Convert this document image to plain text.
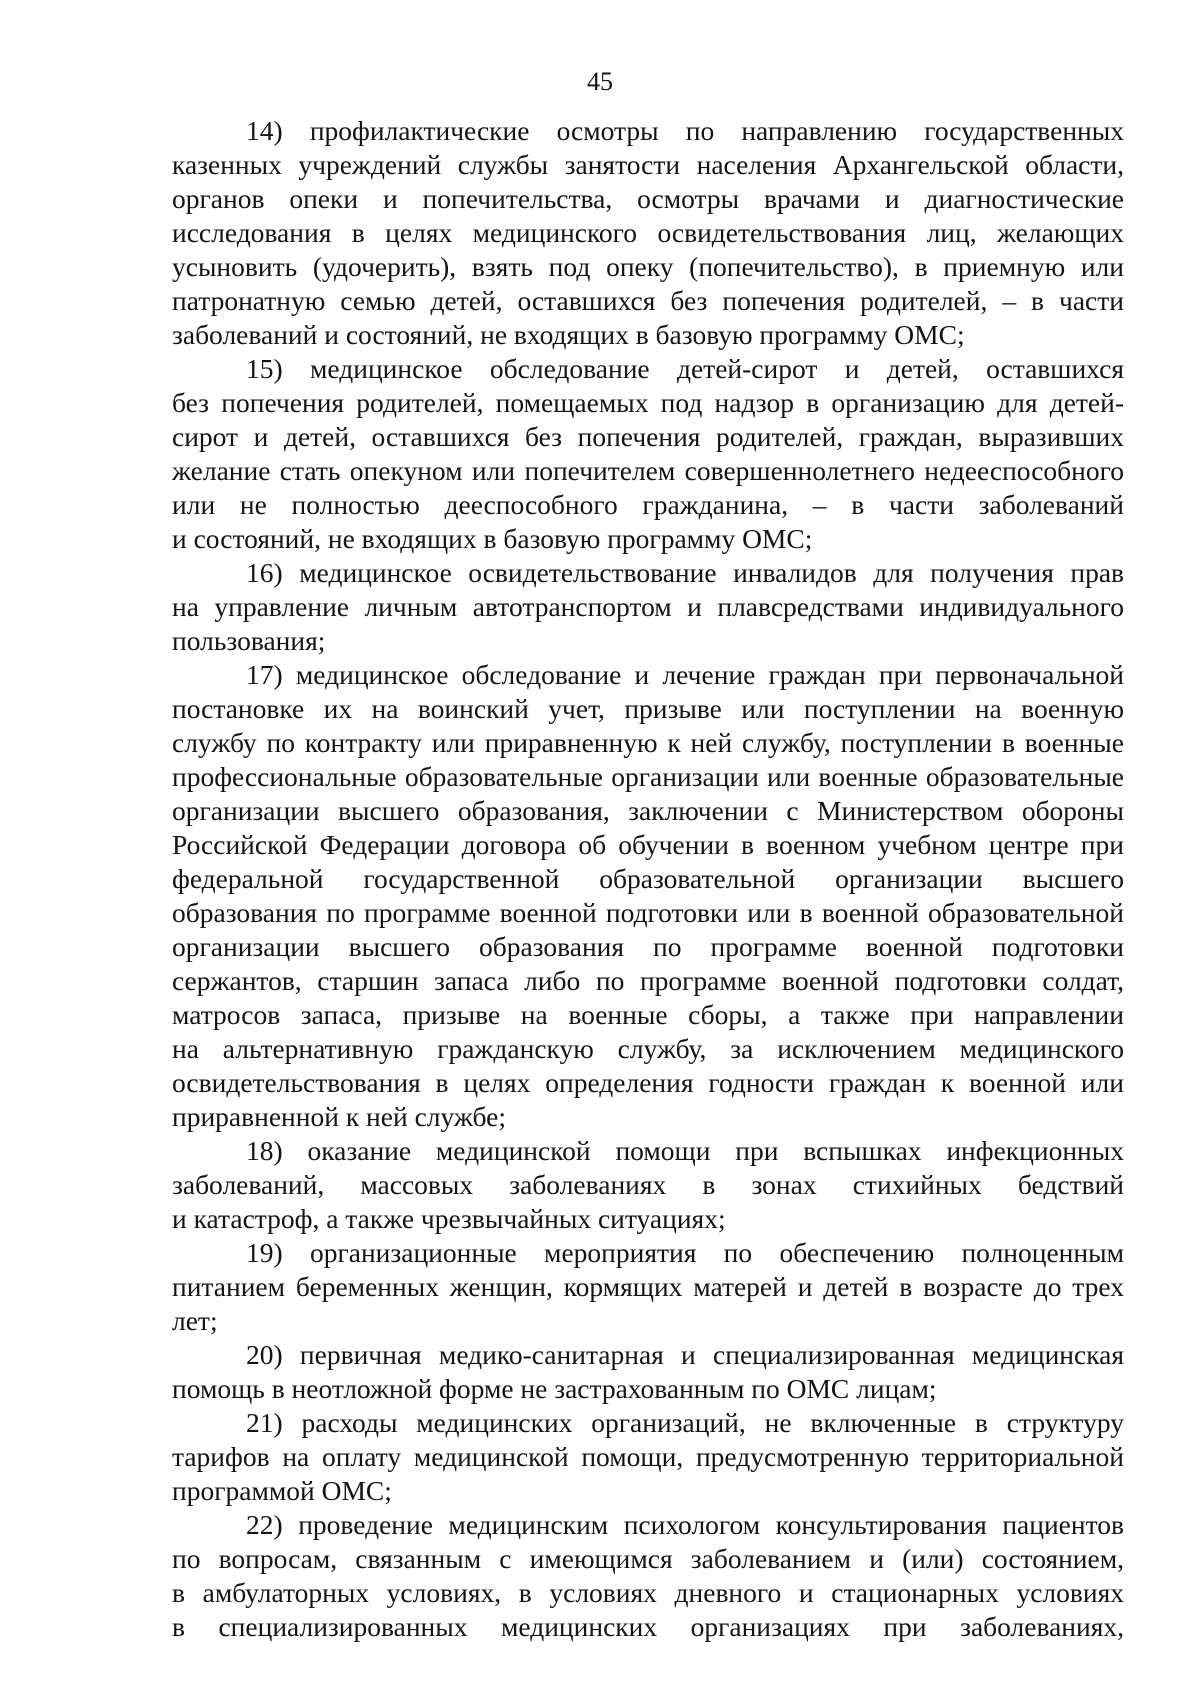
45
14) профилактические осмотры по направлению государственных
казенных учреждений службы занятости населения Архангельской области,
органов опеки и попечительства, осмотры врачами и диагностические
исследования в целях медицинского освидетельствования лиц, желающих
усыновить (удочерить), взять под опеку (попечительство), в приемную или
патронатную семью детей, оставшихся без попечения родителей, – в части
заболеваний и состояний, не входящих в базовую программу ОМС;
15) медицинское обследование детей-сирот и детей, оставшихся
без попечения родителей, помещаемых под надзор в организацию для детей-
сирот и детей, оставшихся без попечения родителей, граждан, выразивших
желание стать опекуном или попечителем совершеннолетнего недееспособного
или не полностью дееспособного гражданина, – в части заболеваний
и состояний, не входящих в базовую программу ОМС;
16) медицинское освидетельствование инвалидов для получения прав
на управление личным автотранспортом и плавсредствами индивидуального
пользования;
17) медицинское обследование и лечение граждан при первоначальной
постановке их на воинский учет, призыве или поступлении на военную
службу по контракту или приравненную к ней службу, поступлении в военные
профессиональные образовательные организации или военные образовательные
организации высшего образования, заключении с Министерством обороны
Российской Федерации договора об обучении в военном учебном центре при
федеральной государственной образовательной организации высшего
образования по программе военной подготовки или в военной образовательной
организации высшего образования по программе военной подготовки
сержантов, старшин запаса либо по программе военной подготовки солдат,
матросов запаса, призыве на военные сборы, а также при направлении
на альтернативную гражданскую службу, за исключением медицинского
освидетельствования в целях определения годности граждан к военной или
приравненной к ней службе;
18) оказание медицинской помощи при вспышках инфекционных
заболеваний, массовых заболеваниях в зонах стихийных бедствий
и катастроф, а также чрезвычайных ситуациях;
19) организационные мероприятия по обеспечению полноценным
питанием беременных женщин, кормящих матерей и детей в возрасте до трех
лет;
20) первичная медико-санитарная и специализированная медицинская
помощь в неотложной форме не застрахованным по ОМС лицам;
21) расходы медицинских организаций, не включенные в структуру
тарифов на оплату медицинской помощи, предусмотренную территориальной
программой ОМС;
22) проведение медицинским психологом консультирования пациентов
по вопросам, связанным с имеющимся заболеванием и (или) состоянием,
в амбулаторных условиях, в условиях дневного и стационарных условиях
в специализированных медицинских организациях при заболеваниях,
